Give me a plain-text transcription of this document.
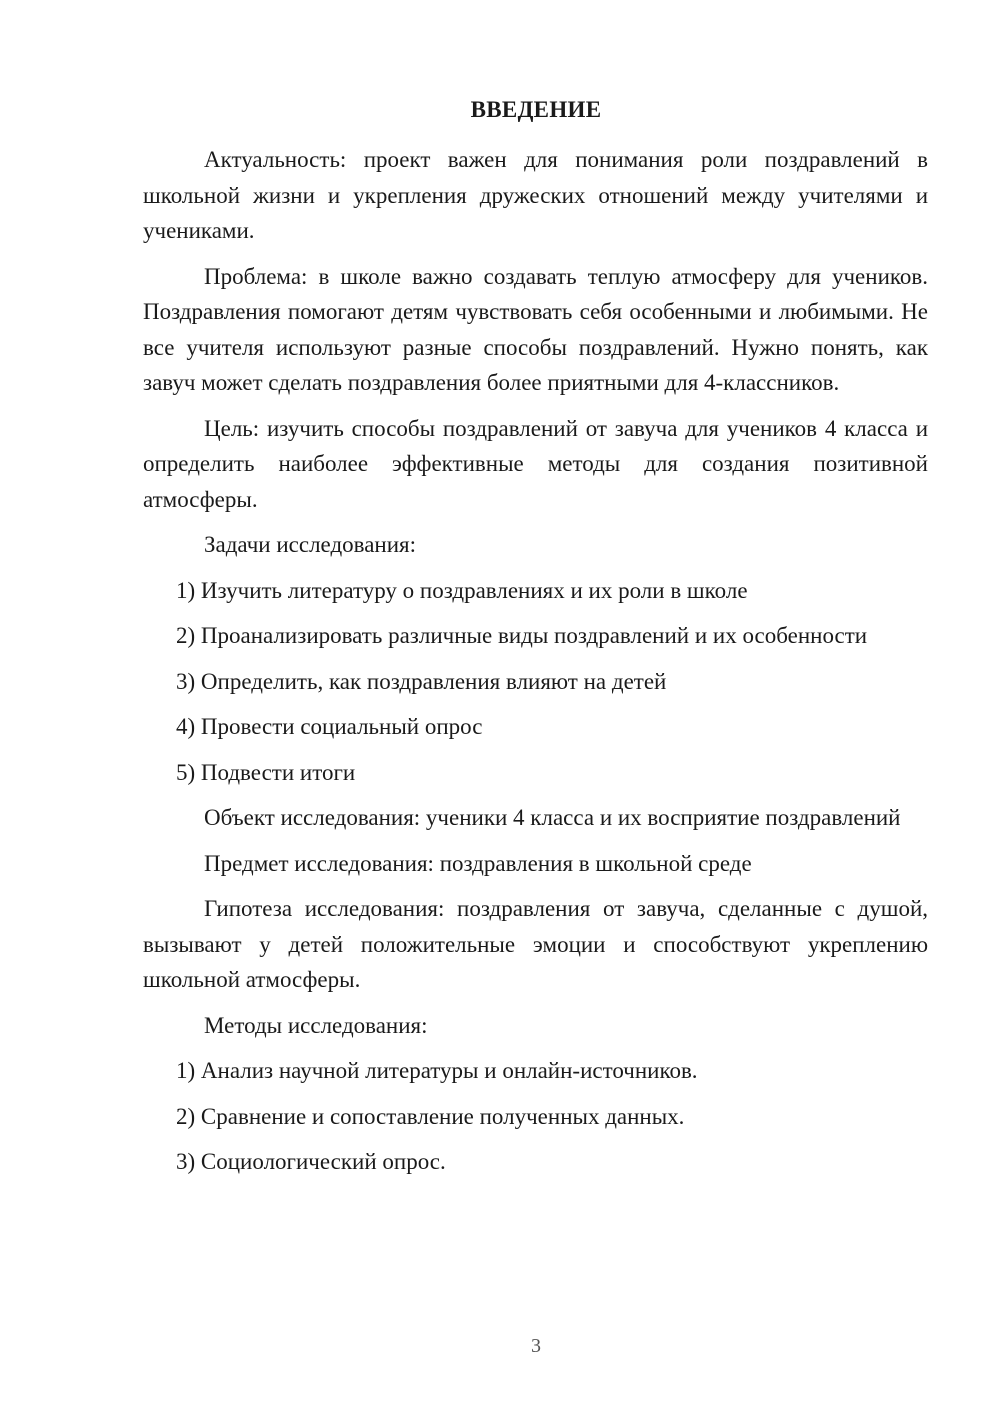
ВВЕДЕНИЕ

Актуальность: проект важен для понимания роли поздравлений в школьной жизни и укрепления дружеских отношений между учителями и учениками.

Проблема: в школе важно создавать теплую атмосферу для учеников. Поздравления помогают детям чувствовать себя особенными и любимыми. Не все учителя используют разные способы поздравлений. Нужно понять, как завуч может сделать поздравления более приятными для 4-классников.

Цель: изучить способы поздравлений от завуча для учеников 4 класса и определить наиболее эффективные методы для создания позитивной атмосферы.

Задачи исследования:

1) Изучить литературу о поздравлениях и их роли в школе

2) Проанализировать различные виды поздравлений и их особенности

3) Определить, как поздравления влияют на детей

4) Провести социальный опрос

5) Подвести итоги

Объект исследования: ученики 4 класса и их восприятие поздравлений

Предмет исследования: поздравления в школьной среде

Гипотеза исследования: поздравления от завуча, сделанные с душой, вызывают у детей положительные эмоции и способствуют укреплению школьной атмосферы.

Методы исследования:

1) Анализ научной литературы и онлайн-источников.

2) Сравнение и сопоставление полученных данных.

3) Социологический опрос.

3
